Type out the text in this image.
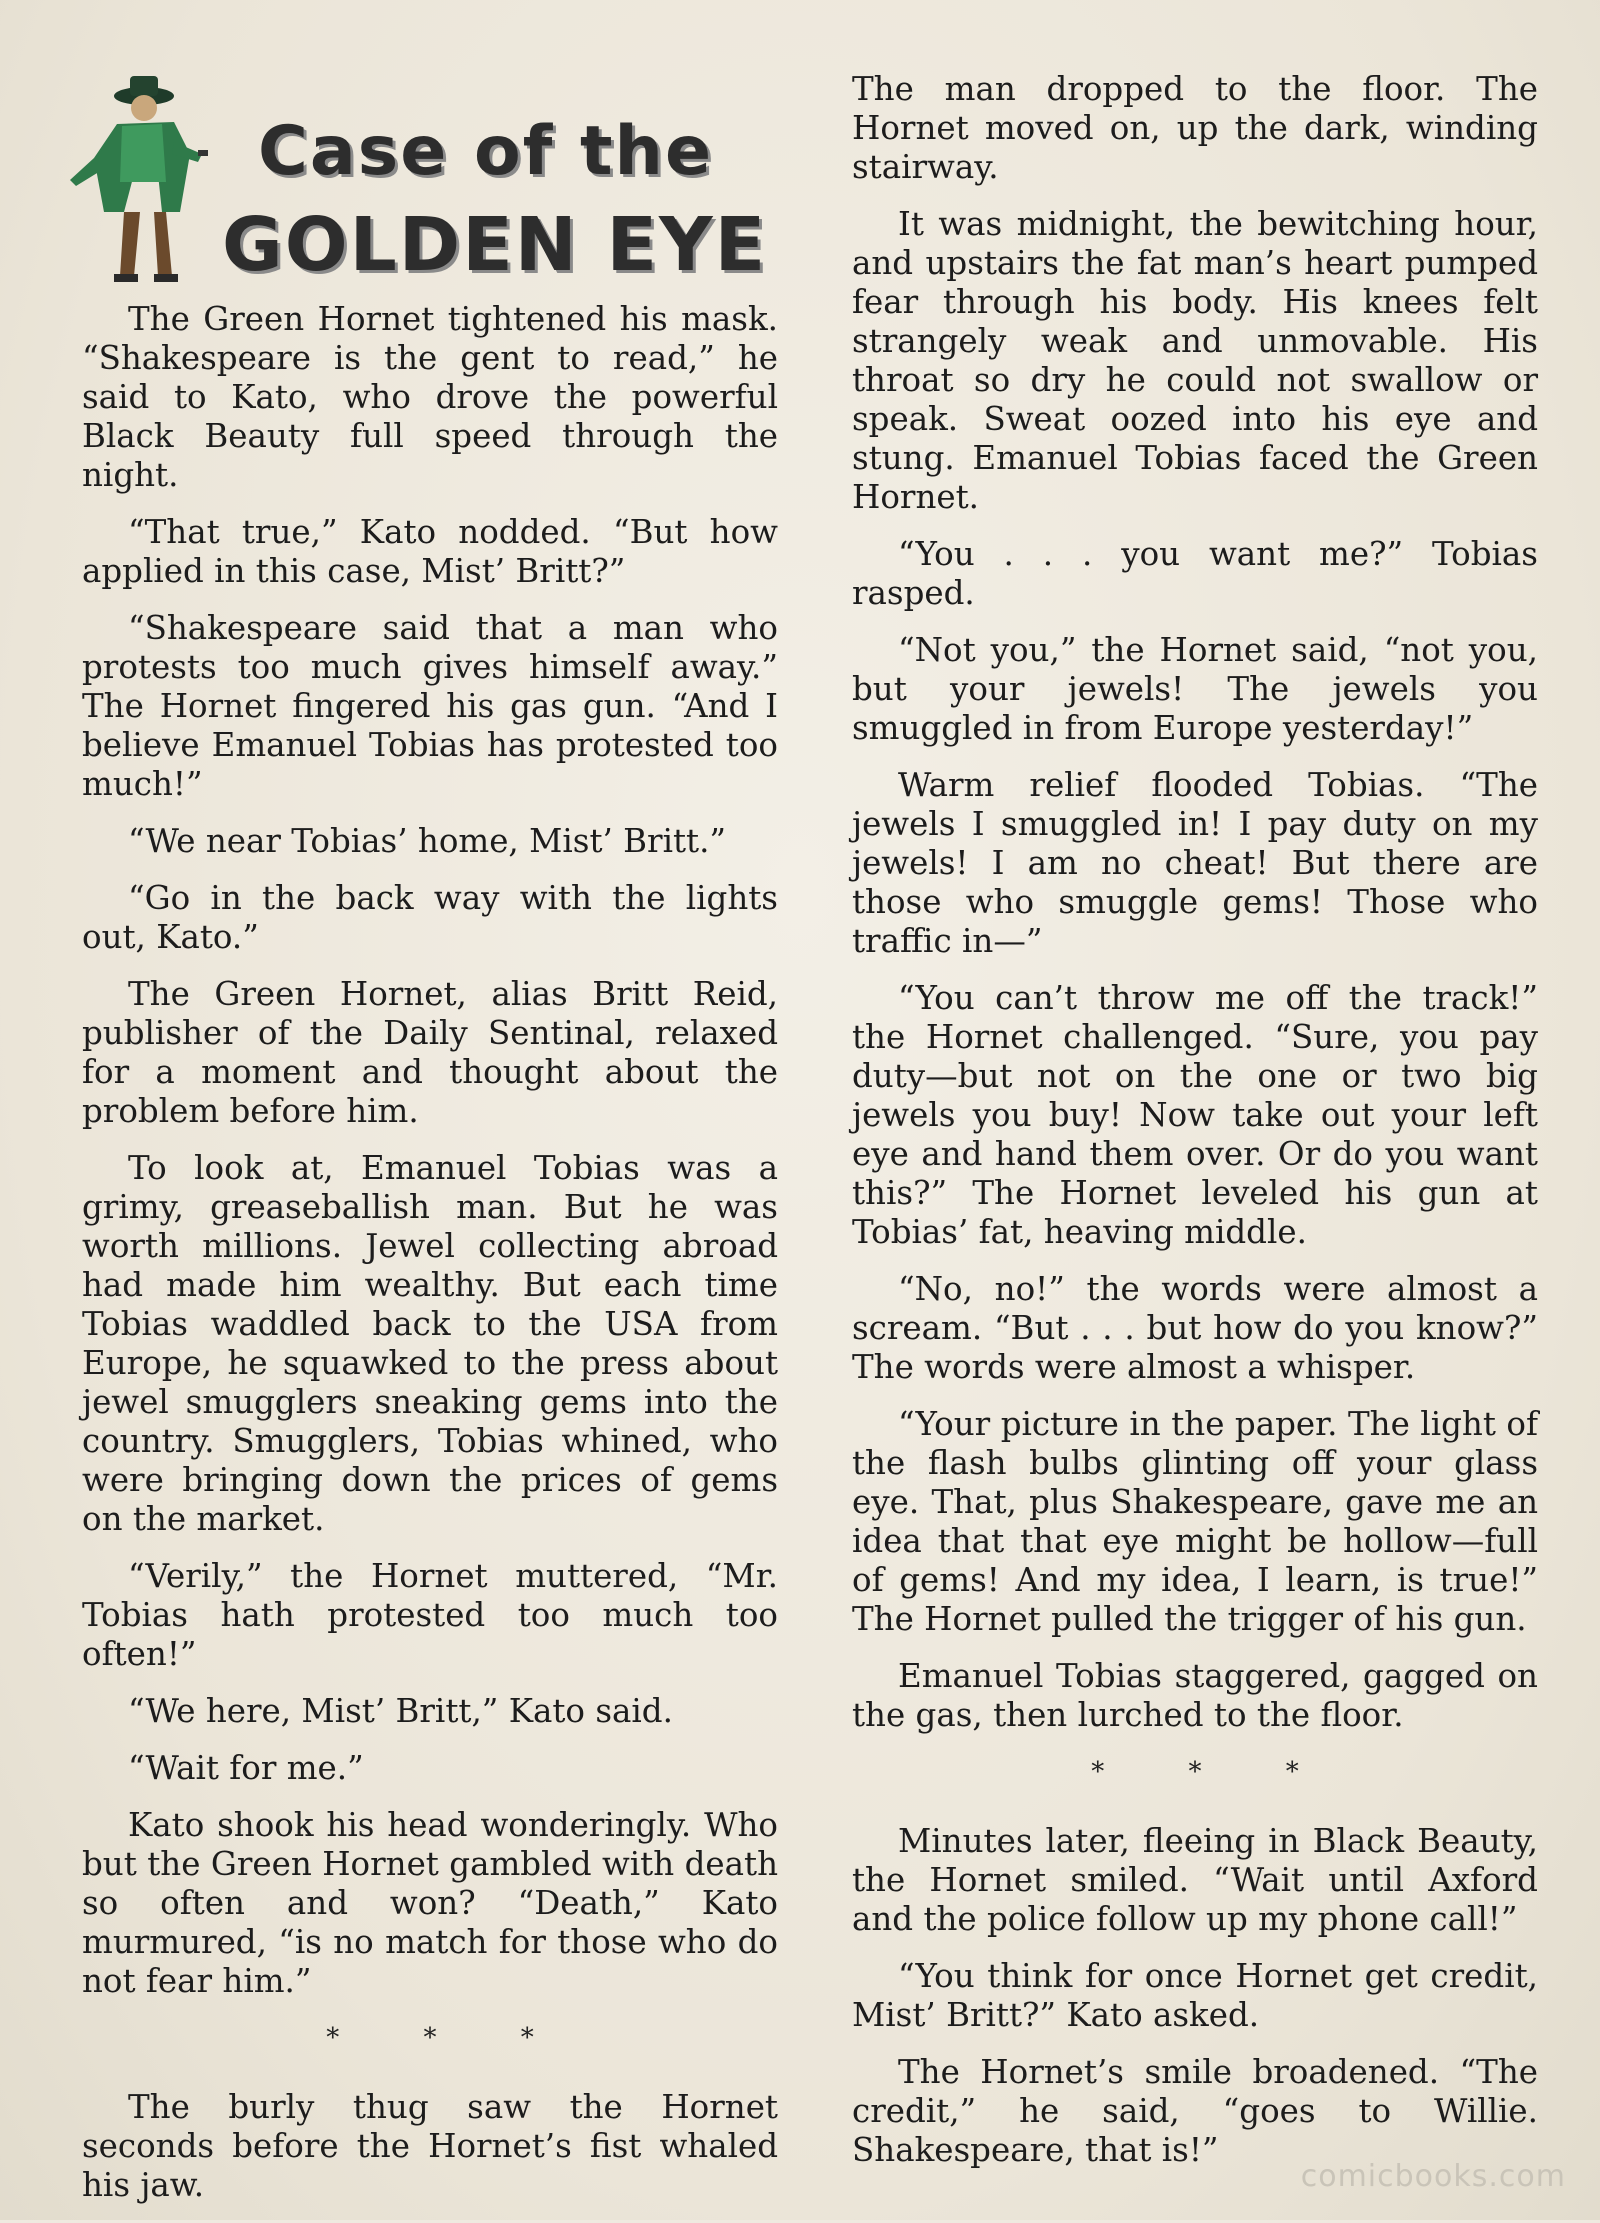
Case of the
GOLDEN EYE

The Green Hornet tightened his mask. “Shakespeare is the gent to read,” he said to Kato, who drove the powerful Black Beauty full speed through the night.

“That true,” Kato nodded. “But how applied in this case, Mist’ Britt?”

“Shakespeare said that a man who protests too much gives himself away.” The Hornet fingered his gas gun. “And I believe Emanuel Tobias has protested too much!”

“We near Tobias’ home, Mist’ Britt.”

“Go in the back way with the lights out, Kato.”

The Green Hornet, alias Britt Reid, publisher of the Daily Sentinal, relaxed for a moment and thought about the problem before him.

To look at, Emanuel Tobias was a grimy, greaseballish man. But he was worth millions. Jewel collecting abroad had made him wealthy. But each time Tobias waddled back to the USA from Europe, he squawked to the press about jewel smugglers sneaking gems into the country. Smugglers, Tobias whined, who were bringing down the prices of gems on the market.

“Verily,” the Hornet muttered, “Mr. Tobias hath protested too much too often!”

“We here, Mist’ Britt,” Kato said.

“Wait for me.”

Kato shook his head wonderingly. Who but the Green Hornet gambled with death so often and won? “Death,” Kato murmured, “is no match for those who do not fear him.”

* * *

The burly thug saw the Hornet seconds before the Hornet’s fist whaled his jaw.

The man dropped to the floor. The Hornet moved on, up the dark, winding stairway.

It was midnight, the bewitching hour, and upstairs the fat man’s heart pumped fear through his body. His knees felt strangely weak and unmovable. His throat so dry he could not swallow or speak. Sweat oozed into his eye and stung. Emanuel Tobias faced the Green Hornet.

“You . . . you want me?” Tobias rasped.

“Not you,” the Hornet said, “not you, but your jewels! The jewels you smuggled in from Europe yesterday!”

Warm relief flooded Tobias. “The jewels I smuggled in! I pay duty on my jewels! I am no cheat! But there are those who smuggle gems! Those who traffic in—”

“You can’t throw me off the track!” the Hornet challenged. “Sure, you pay duty—but not on the one or two big jewels you buy! Now take out your left eye and hand them over. Or do you want this?” The Hornet leveled his gun at Tobias’ fat, heaving middle.

“No, no!” the words were almost a scream. “But . . . but how do you know?” The words were almost a whisper.

“Your picture in the paper. The light of the flash bulbs glinting off your glass eye. That, plus Shakespeare, gave me an idea that that eye might be hollow—full of gems! And my idea, I learn, is true!” The Hornet pulled the trigger of his gun.

Emanuel Tobias staggered, gagged on the gas, then lurched to the floor.

* * *

Minutes later, fleeing in Black Beauty, the Hornet smiled. “Wait until Axford and the police follow up my phone call!”

“You think for once Hornet get credit, Mist’ Britt?” Kato asked.

The Hornet’s smile broadened. “The credit,” he said, “goes to Willie. Shakespeare, that is!”

comicbooks.com
